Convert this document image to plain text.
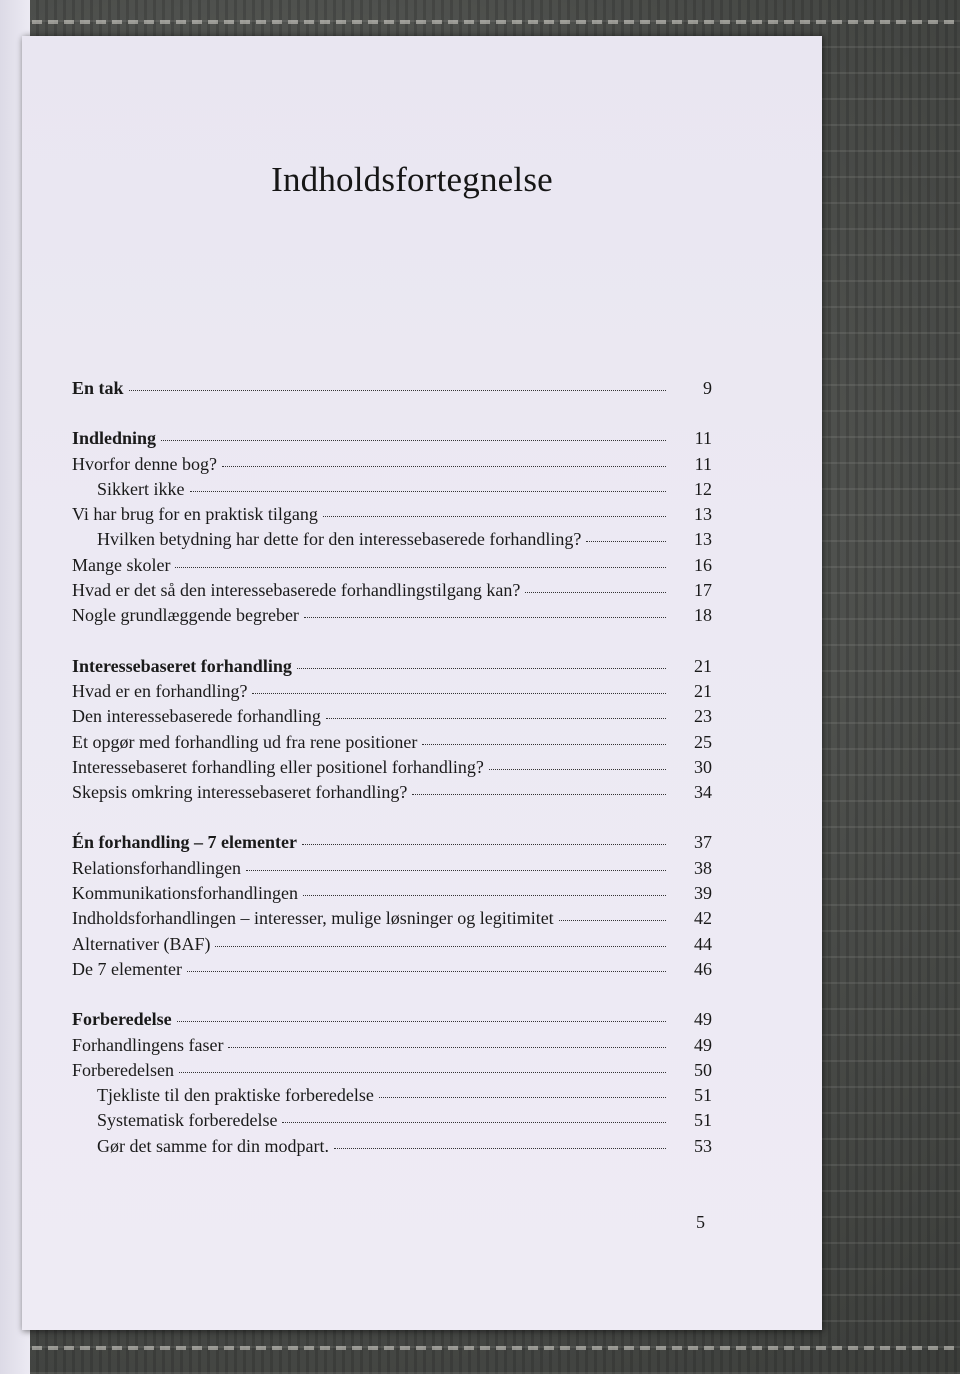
Indholdsfortegnelse
En tak	9
Indledning	11
Hvorfor denne bog?	11
Sikkert ikke	12
Vi har brug for en praktisk tilgang	13
Hvilken betydning har dette for den interessebaserede forhandling?	13
Mange skoler	16
Hvad er det så den interessebaserede forhandlingstilgang kan?	17
Nogle grundlæggende begreber	18
Interessebaseret forhandling	21
Hvad er en forhandling?	21
Den interessebaserede forhandling	23
Et opgør med forhandling ud fra rene positioner	25
Interessebaseret forhandling eller positionel forhandling?	30
Skepsis omkring interessebaseret forhandling?	34
Én forhandling – 7 elementer	37
Relationsforhandlingen	38
Kommunikationsforhandlingen	39
Indholdsforhandlingen – interesser, mulige løsninger og legitimitet	42
Alternativer (BAF)	44
De 7 elementer	46
Forberedelse	49
Forhandlingens faser	49
Forberedelsen	50
Tjekliste til den praktiske forberedelse	51
Systematisk forberedelse	51
Gør det samme for din modpart.	53
5
